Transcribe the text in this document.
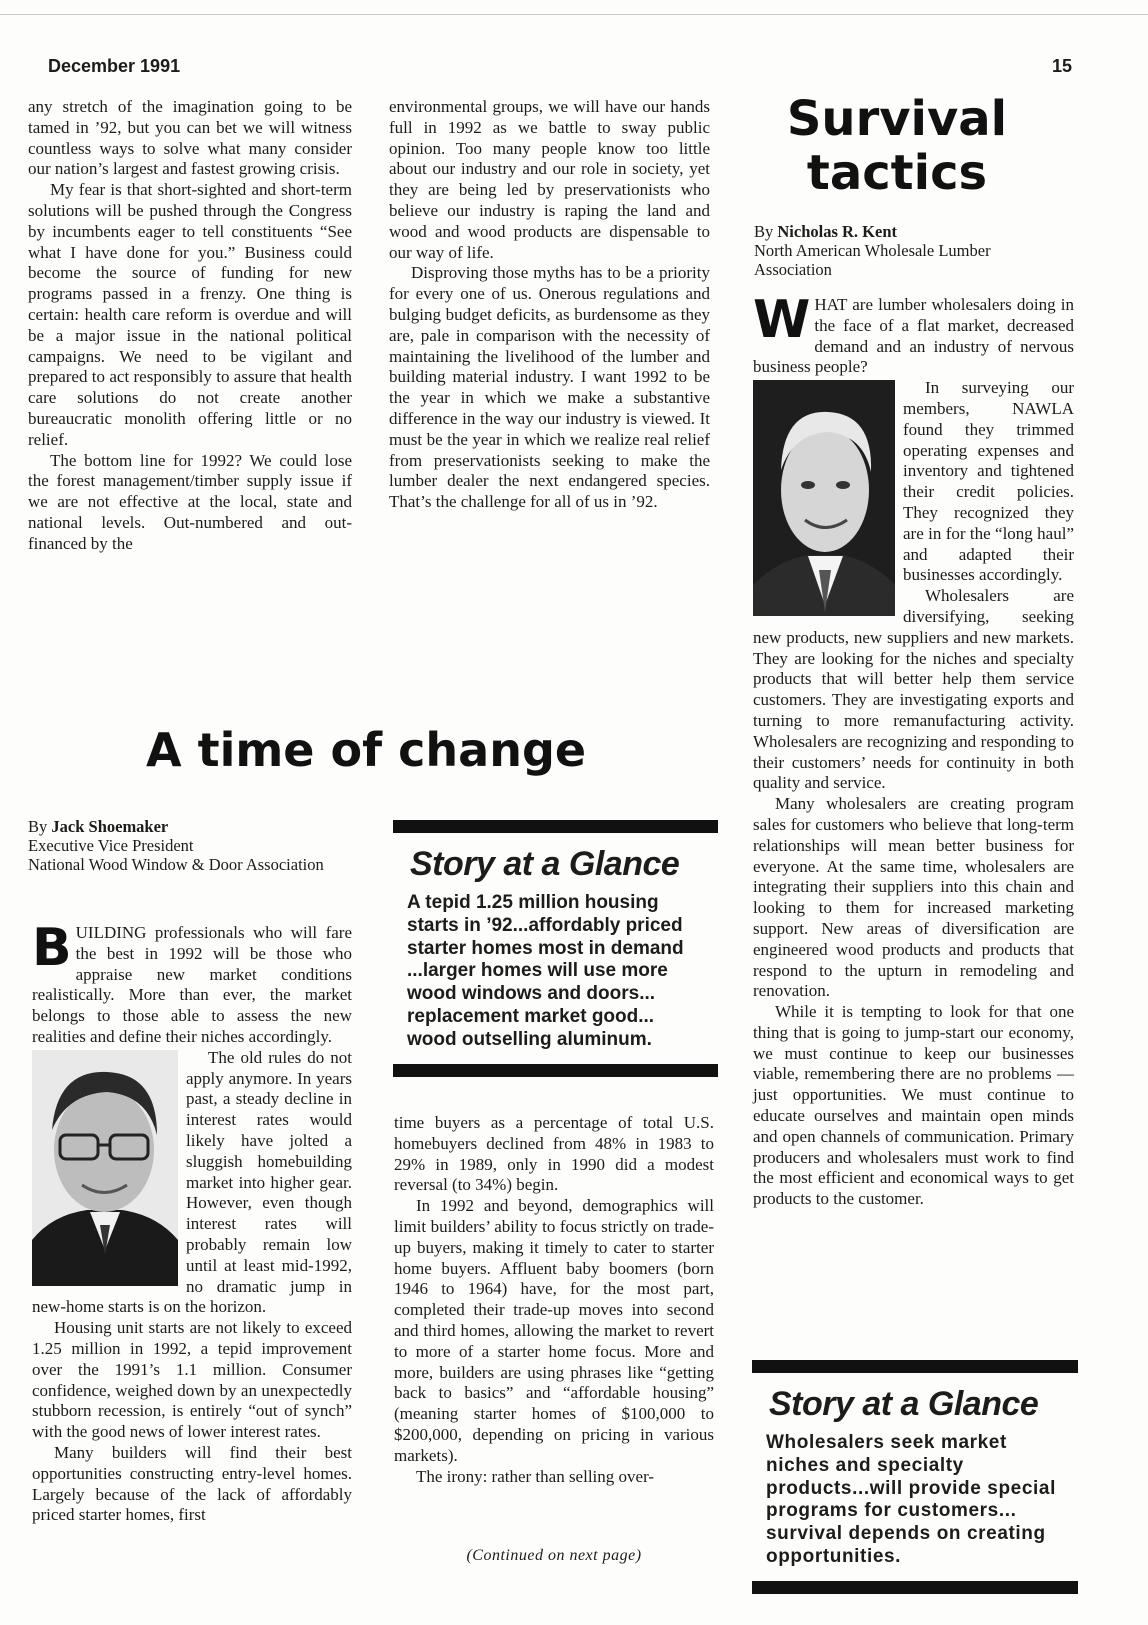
December 1991	15

any stretch of the imagination going to be tamed in ’92, but you can bet we will witness countless ways to solve what many consider our nation’s largest and fastest growing crisis.

My fear is that short-sighted and short-term solutions will be pushed through the Congress by incumbents eager to tell constituents “See what I have done for you.” Business could become the source of funding for new programs passed in a frenzy. One thing is certain: health care reform is overdue and will be a major issue in the national political campaigns. We need to be vigilant and prepared to act responsibly to assure that health care solutions do not create another bureaucratic monolith offering little or no relief.

The bottom line for 1992? We could lose the forest management/timber supply issue if we are not effective at the local, state and national levels. Out-numbered and out-financed by the

environmental groups, we will have our hands full in 1992 as we battle to sway public opinion. Too many people know too little about our industry and our role in society, yet they are being led by preservationists who believe our industry is raping the land and wood and wood products are dispensable to our way of life.

Disproving those myths has to be a priority for every one of us. Onerous regulations and bulging budget deficits, as burdensome as they are, pale in comparison with the necessity of maintaining the livelihood of the lumber and building material industry. I want 1992 to be the year in which we make a substantive difference in the way our industry is viewed. It must be the year in which we realize real relief from preservationists seeking to make the lumber dealer the next endangered species. That’s the challenge for all of us in ’92.

A time of change
By Jack Shoemaker
Executive Vice President
National Wood Window & Door Association

BUILDING professionals who will fare the best in 1992 will be those who appraise new market conditions realistically. More than ever, the market belongs to those able to assess the new realities and define their niches accordingly.

The old rules do not apply anymore. In years past, a steady decline in interest rates would likely have jolted a sluggish homebuilding market into higher gear. However, even though interest rates will probably remain low until at least mid-1992, no dramatic jump in new-home starts is on the horizon.

Housing unit starts are not likely to exceed 1.25 million in 1992, a tepid improvement over the 1991’s 1.1 million. Consumer confidence, weighed down by an unexpectedly stubborn recession, is entirely “out of synch” with the good news of lower interest rates.

Many builders will find their best opportunities constructing entry-level homes. Largely because of the lack of affordably priced starter homes, first

Story at a Glance
A tepid 1.25 million housing starts in ’92...affordably priced starter homes most in demand ...larger homes will use more wood windows and doors... replacement market good... wood outselling aluminum.

time buyers as a percentage of total U.S. homebuyers declined from 48% in 1983 to 29% in 1989, only in 1990 did a modest reversal (to 34%) begin.

In 1992 and beyond, demographics will limit builders’ ability to focus strictly on trade-up buyers, making it timely to cater to starter home buyers. Affluent baby boomers (born 1946 to 1964) have, for the most part, completed their trade-up moves into second and third homes, allowing the market to revert to more of a starter home focus. More and more, builders are using phrases like “getting back to basics” and “affordable housing” (meaning starter homes of $100,000 to $200,000, depending on pricing in various markets).

The irony: rather than selling over-

(Continued on next page)
Survival
tactics
By Nicholas R. Kent
North American Wholesale Lumber Association

WHAT are lumber wholesalers doing in the face of a flat market, decreased demand and an industry of nervous business people?

In surveying our members, NAWLA found they trimmed operating expenses and inventory and tightened their credit policies. They recognized they are in for the “long haul” and adapted their businesses accordingly.

Wholesalers are diversifying, seeking new products, new suppliers and new markets. They are looking for the niches and specialty products that will better help them service customers. They are investigating exports and turning to more remanufacturing activity. Wholesalers are recognizing and responding to their customers’ needs for continuity in both quality and service.

Many wholesalers are creating program sales for customers who believe that long-term relationships will mean better business for everyone. At the same time, wholesalers are integrating their suppliers into this chain and looking to them for increased marketing support. New areas of diversification are engineered wood products and products that respond to the upturn in remodeling and renovation.

While it is tempting to look for that one thing that is going to jump-start our economy, we must continue to keep our businesses viable, remembering there are no problems — just opportunities. We must continue to educate ourselves and maintain open minds and open channels of communication. Primary producers and wholesalers must work to find the most efficient and economical ways to get products to the customer.

Story at a Glance
Wholesalers seek market niches and specialty products...will provide special programs for customers... survival depends on creating opportunities.
